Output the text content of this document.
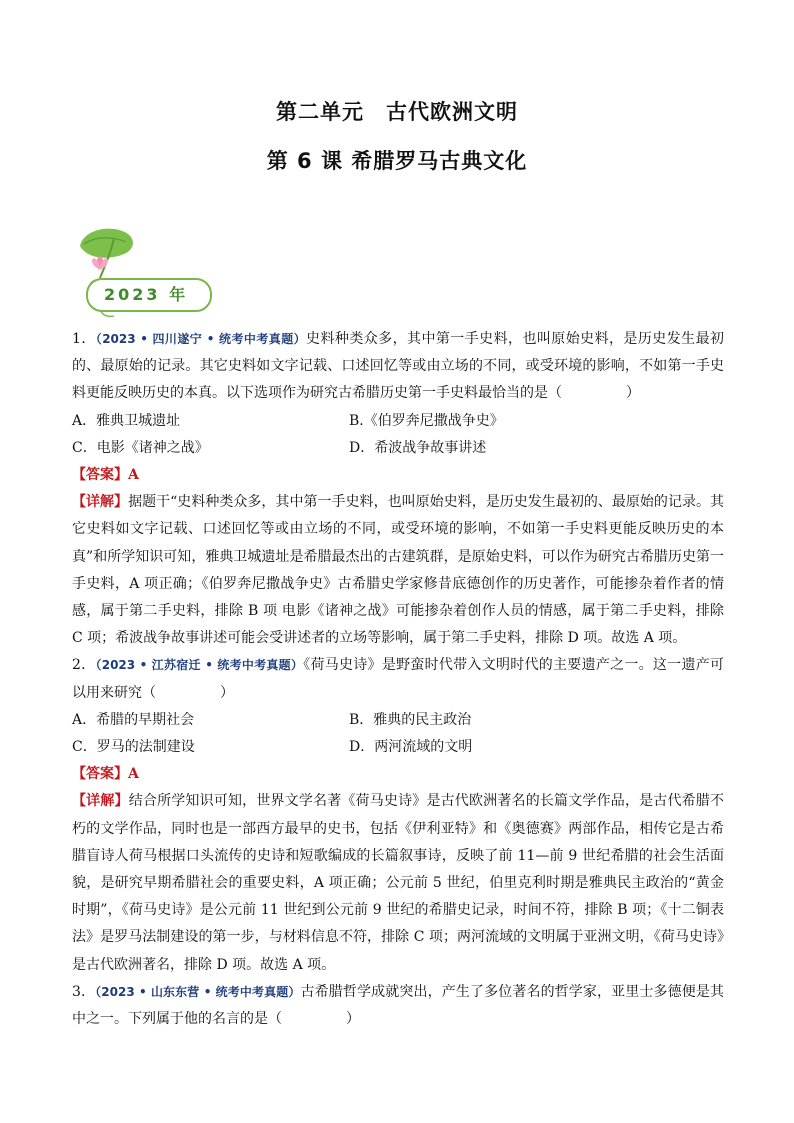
第二单元　古代欧洲文明
第 6 课 希腊罗马古典文化
2023 年

1．（2023 • 四川遂宁 • 统考中考真题）史料种类众多，其中第一手史料，也叫原始史料，是历史发生最初的、最原始的记录。其它史料如文字记载、口述回忆等或由立场的不同，或受环境的影响，不如第一手史料更能反映历史的本真。以下选项作为研究古希腊历史第一手史料最恰当的是（	）

A．雅典卫城遗址	B.《伯罗奔尼撒战争史》
C．电影《诸神之战》	D．希波战争故事讲述

【答案】A

【详解】据题干“史料种类众多，其中第一手史料，也叫原始史料，是历史发生最初的、最原始的记录。其它史料如文字记载、口述回忆等或由立场的不同，或受环境的影响，不如第一手史料更能反映历史的本真”和所学知识可知，雅典卫城遗址是希腊最杰出的古建筑群，是原始史料，可以作为研究古希腊历史第一手史料，A 项正确；《伯罗奔尼撒战争史》古希腊史学家修昔底德创作的历史著作，可能掺杂着作者的情感，属于第二手史料，排除 B 项 电影《诸神之战》可能掺杂着创作人员的情感，属于第二手史料，排除 C 项；希波战争故事讲述可能会受讲述者的立场等影响，属于第二手史料，排除 D 项。故选 A 项。

2．（2023 • 江苏宿迁 • 统考中考真题）《荷马史诗》是野蛮时代带入文明时代的主要遗产之一。这一遗产可以用来研究（	）

A．希腊的早期社会	B．雅典的民主政治
C．罗马的法制建设	D．两河流域的文明

【答案】A

【详解】结合所学知识可知，世界文学名著《荷马史诗》是古代欧洲著名的长篇文学作品，是古代希腊不朽的文学作品，同时也是一部西方最早的史书，包括《伊利亚特》和《奥德赛》两部作品，相传它是古希腊盲诗人荷马根据口头流传的史诗和短歌编成的长篇叙事诗，反映了前 11—前 9 世纪希腊的社会生活面貌，是研究早期希腊社会的重要史料，A 项正确；公元前 5 世纪，伯里克利时期是雅典民主政治的“黄金时期”，《荷马史诗》是公元前 11 世纪到公元前 9 世纪的希腊史记录，时间不符，排除 B 项；《十二铜表法》是罗马法制建设的第一步，与材料信息不符，排除 C 项；两河流域的文明属于亚洲文明，《荷马史诗》是古代欧洲著名，排除 D 项。故选 A 项。

3．（2023 • 山东东营 • 统考中考真题）古希腊哲学成就突出，产生了多位著名的哲学家，亚里士多德便是其中之一。下列属于他的名言的是（	）
